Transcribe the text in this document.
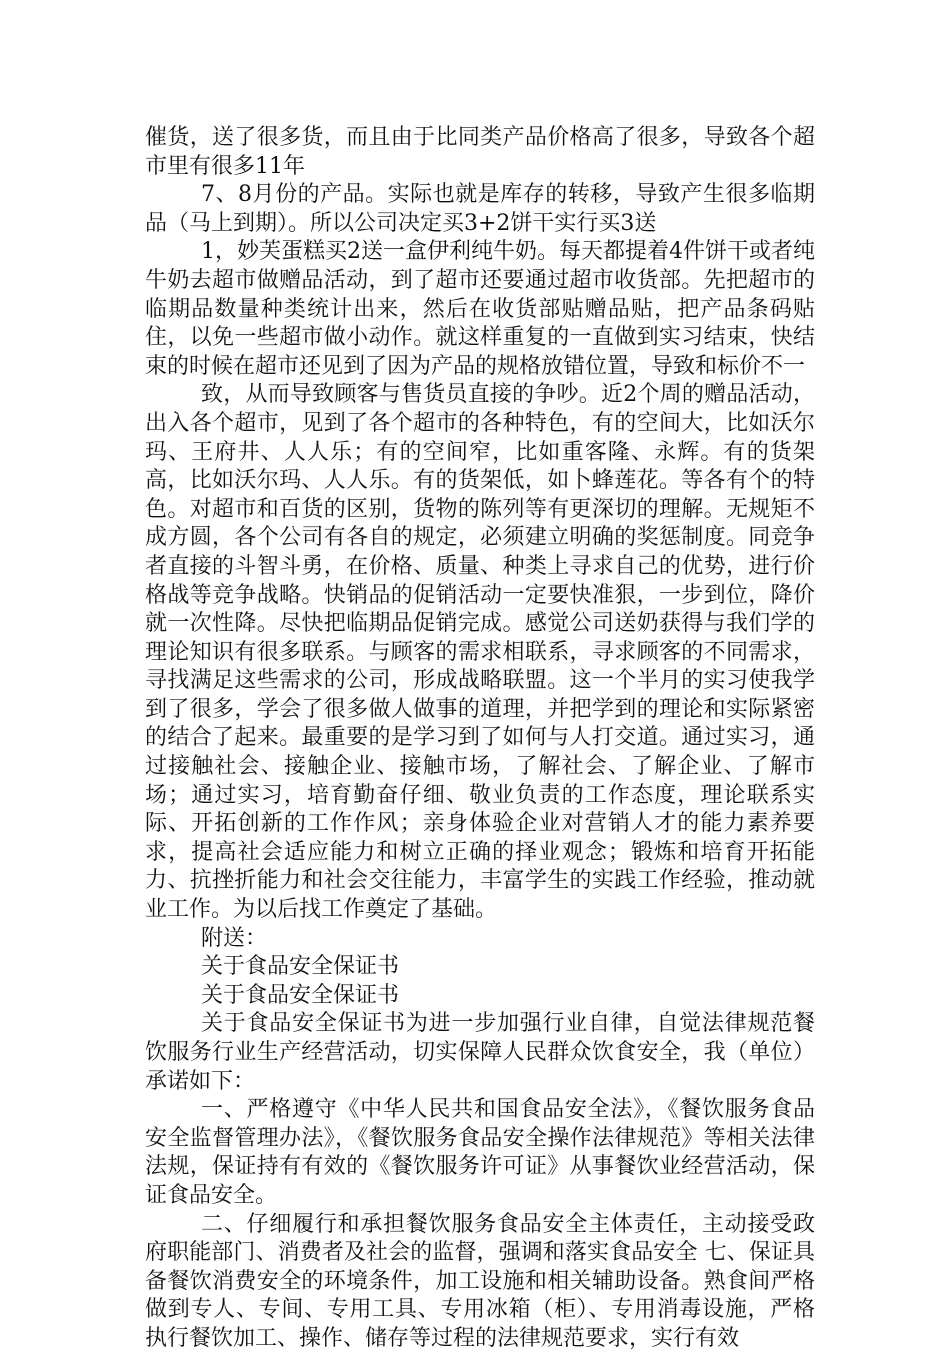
催货，送了很多货，而且由于比同类产品价格高了很多，导致各个超市里有很多11年

7、8月份的产品。实际也就是库存的转移，导致产生很多临期品（马上到期）。所以公司决定买3+2饼干实行买3送

1，妙芙蛋糕买2送一盒伊利纯牛奶。每天都提着4件饼干或者纯牛奶去超市做赠品活动，到了超市还要通过超市收货部。先把超市的临期品数量种类统计出来，然后在收货部贴赠品贴，把产品条码贴住，以免一些超市做小动作。就这样重复的一直做到实习结束，快结束的时候在超市还见到了因为产品的规格放错位置，导致和标价不一

致，从而导致顾客与售货员直接的争吵。近2个周的赠品活动，出入各个超市，见到了各个超市的各种特色，有的空间大，比如沃尔玛、王府井、人人乐；有的空间窄，比如重客隆、永辉。有的货架高，比如沃尔玛、人人乐。有的货架低，如卜蜂莲花。等各有个的特色。对超市和百货的区别，货物的陈列等有更深切的理解。无规矩不成方圆，各个公司有各自的规定，必须建立明确的奖惩制度。同竞争者直接的斗智斗勇，在价格、质量、种类上寻求自己的优势，进行价格战等竞争战略。快销品的促销活动一定要快准狠，一步到位，降价就一次性降。尽快把临期品促销完成。感觉公司送奶获得与我们学的理论知识有很多联系。与顾客的需求相联系，寻求顾客的不同需求，寻找满足这些需求的公司，形成战略联盟。这一个半月的实习使我学到了很多，学会了很多做人做事的道理，并把学到的理论和实际紧密的结合了起来。最重要的是学习到了如何与人打交道。通过实习，通过接触社会、接触企业、接触市场，了解社会、了解企业、了解市场；通过实习，培育勤奋仔细、敬业负责的工作态度，理论联系实际、开拓创新的工作作风；亲身体验企业对营销人才的能力素养要求，提高社会适应能力和树立正确的择业观念；锻炼和培育开拓能力、抗挫折能力和社会交往能力，丰富学生的实践工作经验，推动就业工作。为以后找工作奠定了基础。

附送：

关于食品安全保证书

关于食品安全保证书

关于食品安全保证书为进一步加强行业自律，自觉法律规范餐饮服务行业生产经营活动，切实保障人民群众饮食安全，我（单位）承诺如下：

一、严格遵守《中华人民共和国食品安全法》，《餐饮服务食品安全监督管理办法》，《餐饮服务食品安全操作法律规范》等相关法律法规，保证持有有效的《餐饮服务许可证》从事餐饮业经营活动，保证食品安全。

二、仔细履行和承担餐饮服务食品安全主体责任，主动接受政府职能部门、消费者及社会的监督，强调和落实食品安全 七、保证具备餐饮消费安全的环境条件，加工设施和相关辅助设备。熟食间严格做到专人、专间、专用工具、专用冰箱（柜）、专用消毒设施，严格执行餐饮加工、操作、储存等过程的法律规范要求，实行有效
